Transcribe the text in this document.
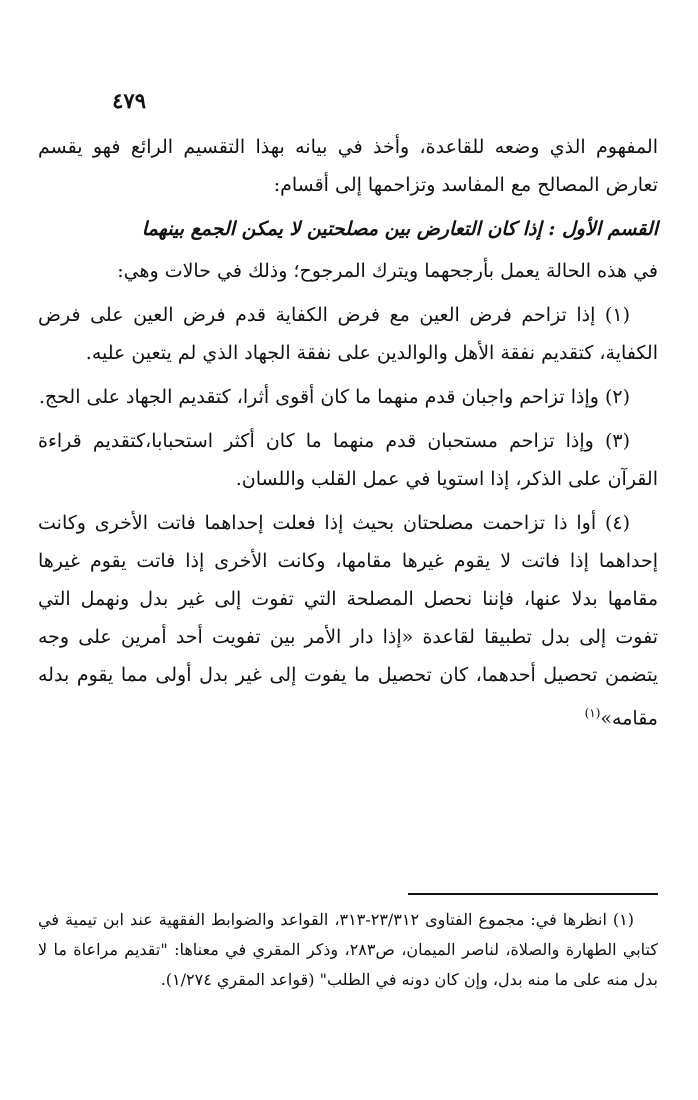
٤٧٩

المفهوم الذي وضعه للقاعدة، وأخذ في بيانه بهذا التقسيم الرائع فهو يقسم تعارض المصالح مع المفاسد وتزاحمها إلى أقسام:

القسم الأول : إذا كان التعارض بين مصلحتين لا يمكن الجمع بينهما

في هذه الحالة يعمل بأرجحهما ويترك المرجوح؛ وذلك في حالات وهي:

(١) إذا تزاحم فرض العين مع فرض الكفاية قدم فرض العين على فرض الكفاية، كتقديم نفقة الأهل والوالدين على نفقة الجهاد الذي لم يتعين عليه.

(٢) وإذا تزاحم واجبان قدم منهما ما كان أقوى أثرا، كتقديم الجهاد على الحج.

(٣) وإذا تزاحم مستحبان قدم منهما ما كان أكثر استحبابا،كتقديم قراءة القرآن على الذكر، إذا استويا في عمل القلب واللسان.

(٤) أوا ذا تزاحمت مصلحتان بحيث إذا فعلت إحداهما فاتت الأخرى وكانت إحداهما إذا فاتت لا يقوم غيرها مقامها، وكانت الأخرى إذا فاتت يقوم غيرها مقامها بدلا عنها، فإننا نحصل المصلحة التي تفوت إلى غير بدل ونهمل التي تفوت إلى بدل تطبيقا لقاعدة «إذا دار الأمر بين تفويت أحد أمرين على وجه يتضمن تحصيل أحدهما، كان تحصيل ما يفوت إلى غير بدل أولى مما يقوم بدله مقامه»$^{(١)}$

(١) انظرها في: مجموع الفتاوى ٢٣/٣١٢-٣١٣، القواعد والضوابط الفقهية عند ابن تيمية في كتابي الطهارة والصلاة، لناصر الميمان، ص٢٨٣، وذكر المقري في معناها: "تقديم مراعاة ما لا بدل منه على ما منه بدل، وإن كان دونه في الطلب" (قواعد المقري ١/٢٧٤).
